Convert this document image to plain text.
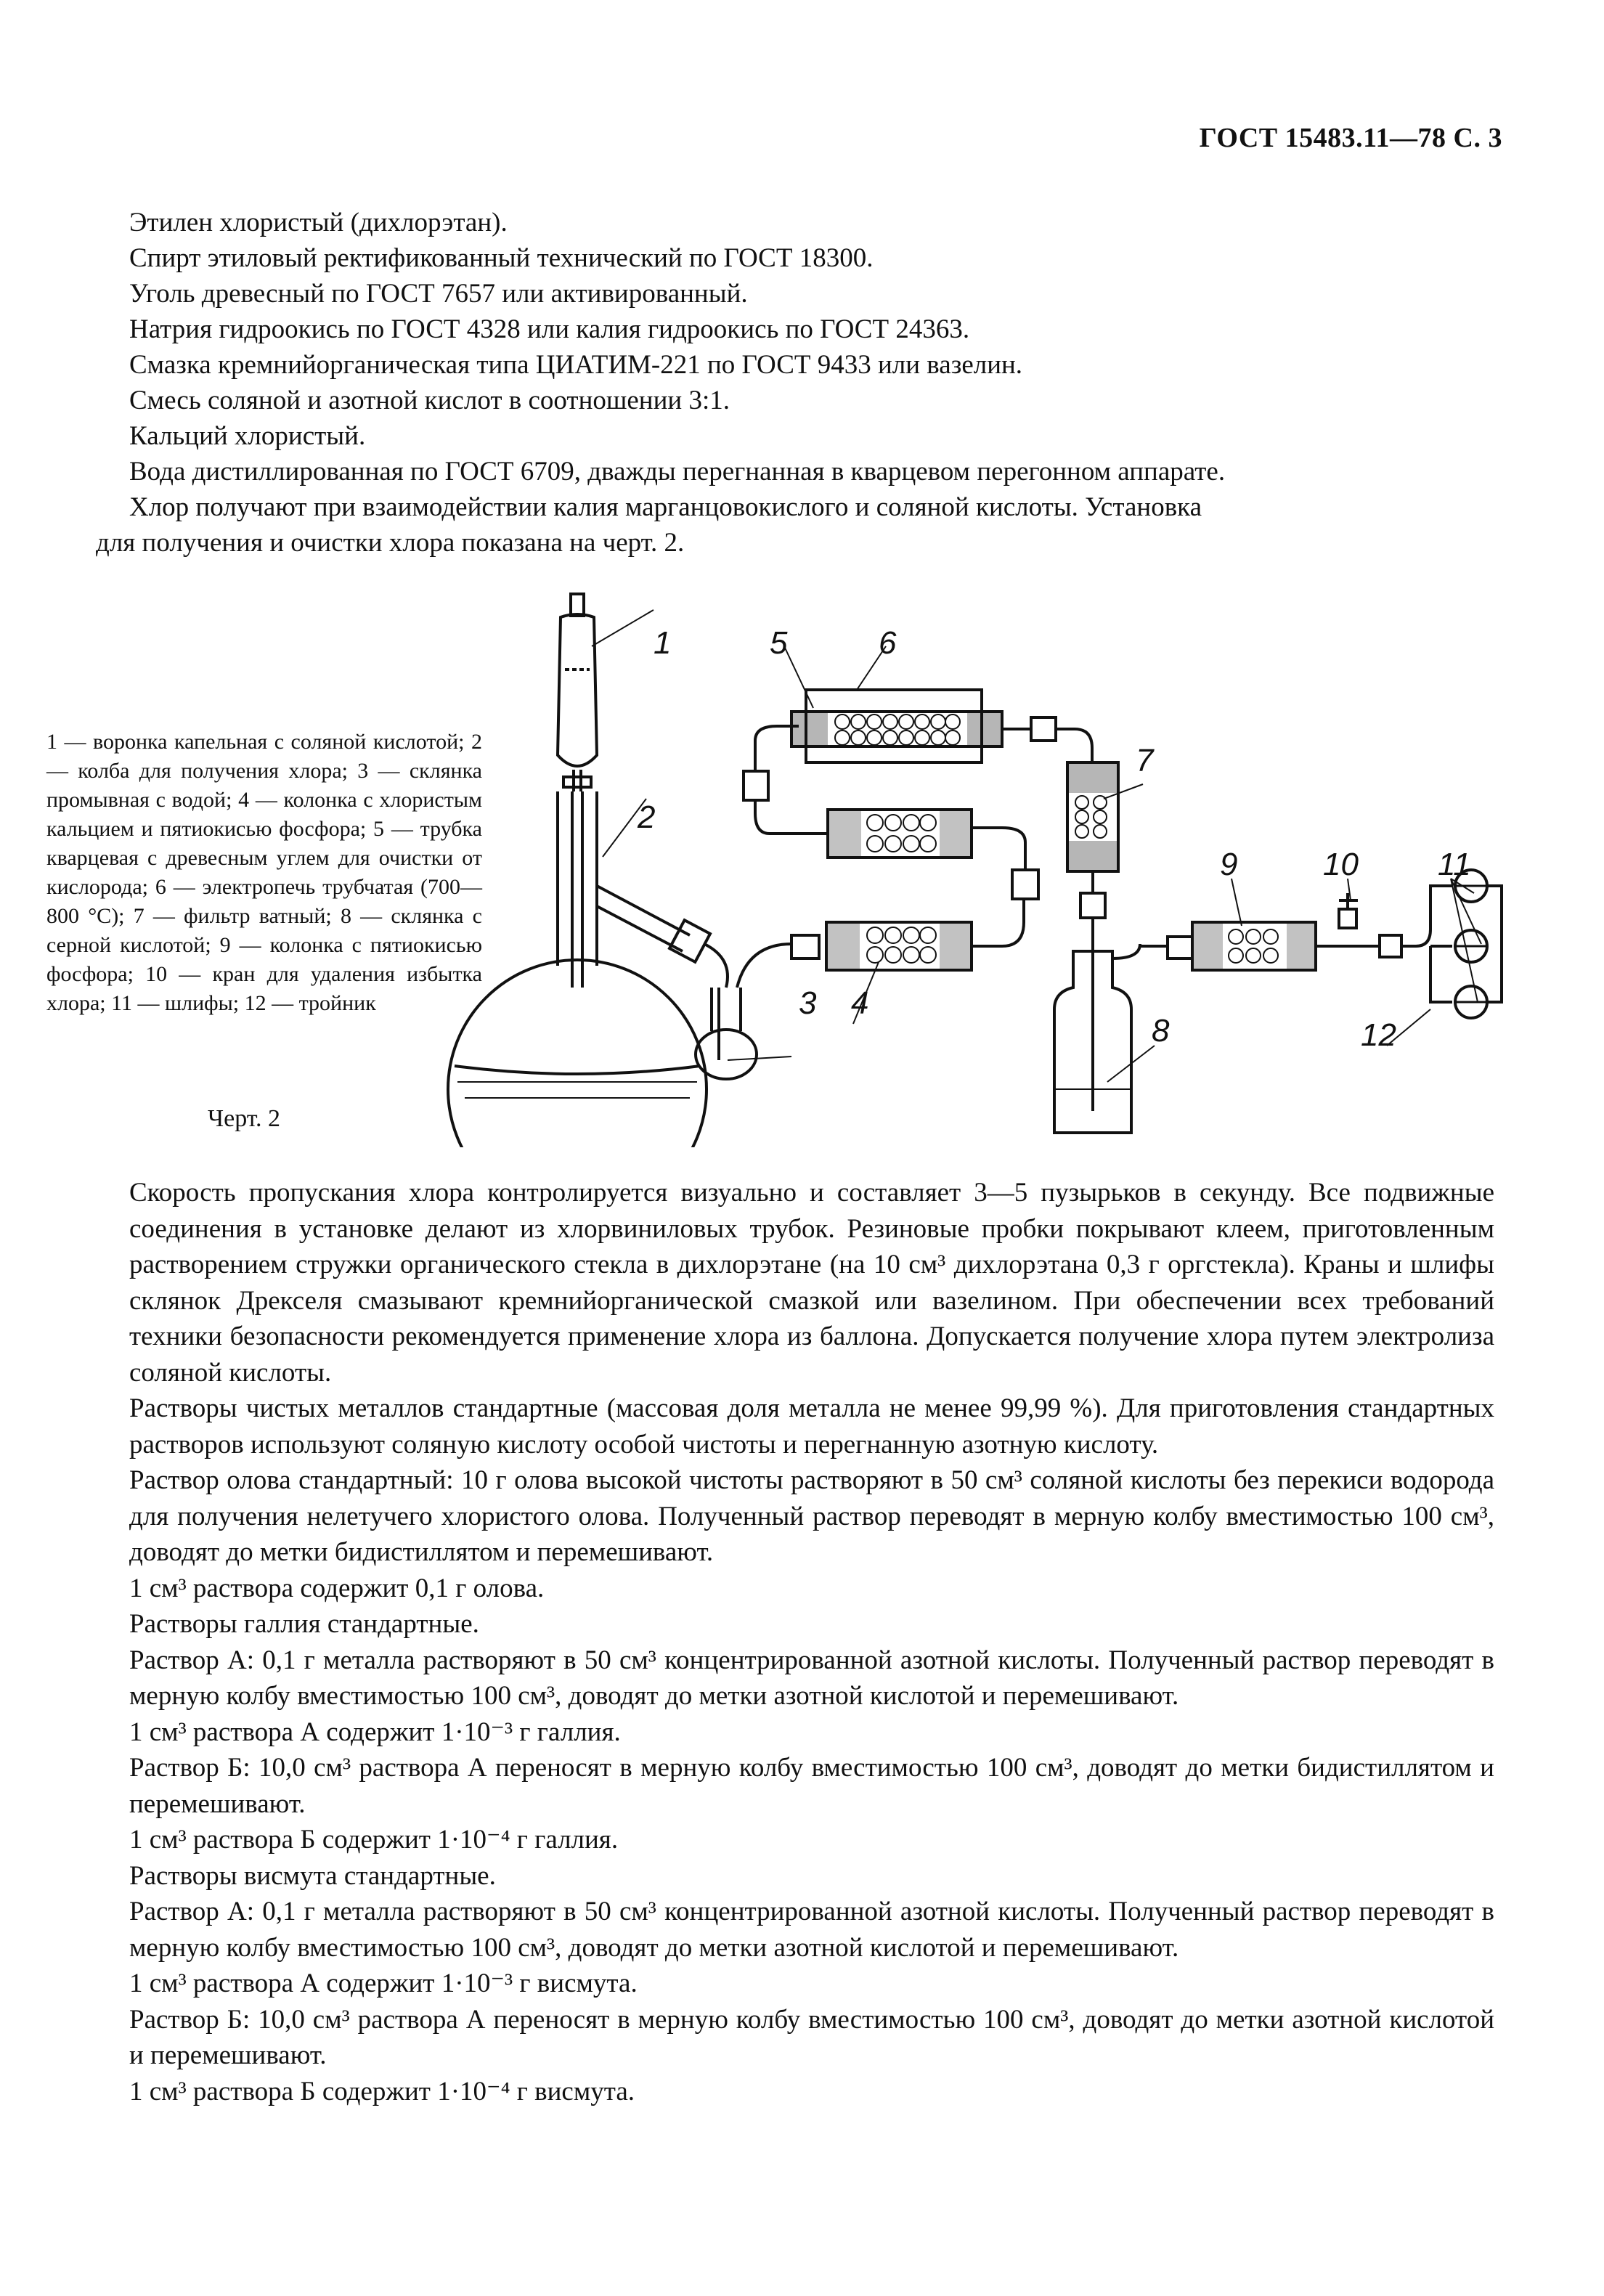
ГОСТ 15483.11—78 С. 3
Этилен хлористый (дихлорэтан).
Спирт этиловый ректификованный технический по ГОСТ 18300.
Уголь древесный по ГОСТ 7657 или активированный.
Натрия гидроокись по ГОСТ 4328 или калия гидроокись по ГОСТ 24363.
Смазка кремнийорганическая типа ЦИАТИМ-221 по ГОСТ 9433 или вазелин.
Смесь соляной и азотной кислот в соотношении 3:1.
Кальций хлористый.
Вода дистиллированная по ГОСТ 6709, дважды перегнанная в кварцевом перегонном аппарате.
Хлор получают при взаимодействии калия марганцовокислого и соляной кислоты. Установка
для получения и очистки хлора показана на черт. 2.
1 — воронка капельная с соляной кислотой; 2 — колба для получения хлора; 3 — склянка промывная с водой; 4 — колонка с хлористым кальцием и пятиокисью фосфора; 5 — трубка кварцевая с древесным углем для очистки от кислорода; 6 — электропечь трубчатая (700—800 °С); 7 — фильтр ватный; 8 — склянка с серной кислотой; 9 — колонка с пятиокисью фосфора; 10 — кран для удаления избытка хлора; 11 — шлифы; 12 — тройник
Черт. 2
1
2
3 4
5	6
7
8
9	10 11
12

Скорость пропускания хлора контролируется визуально и составляет 3—5 пузырьков в секунду. Все подвижные соединения в установке делают из хлорвиниловых трубок. Резиновые пробки покрывают клеем, приготовленным растворением стружки органического стекла в дихлорэтане (на 10 см³ дихлорэтана 0,3 г оргстекла). Краны и шлифы склянок Дрекселя смазывают кремнийорганической смазкой или вазелином. При обеспечении всех требований техники безопасности рекомендуется применение хлора из баллона. Допускается получение хлора путем электролиза соляной кислоты.

Растворы чистых металлов стандартные (массовая доля металла не менее 99,99 %). Для приготовления стандартных растворов используют соляную кислоту особой чистоты и перегнанную азотную кислоту.

Раствор олова стандартный: 10 г олова высокой чистоты растворяют в 50 см³ соляной кислоты без перекиси водорода для получения нелетучего хлористого олова. Полученный раствор переводят в мерную колбу вместимостью 100 см³, доводят до метки бидистиллятом и перемешивают.

1 см³ раствора содержит 0,1 г олова.

Растворы галлия стандартные.

Раствор А: 0,1 г металла растворяют в 50 см³ концентрированной азотной кислоты. Полученный раствор переводят в мерную колбу вместимостью 100 см³, доводят до метки азотной кислотой и перемешивают.

1 см³ раствора А содержит 1·10⁻³ г галлия.

Раствор Б: 10,0 см³ раствора А переносят в мерную колбу вместимостью 100 см³, доводят до метки бидистиллятом и перемешивают.

1 см³ раствора Б содержит 1·10⁻⁴ г галлия.

Растворы висмута стандартные.

Раствор А: 0,1 г металла растворяют в 50 см³ концентрированной азотной кислоты. Полученный раствор переводят в мерную колбу вместимостью 100 см³, доводят до метки азотной кислотой и перемешивают.

1 см³ раствора А содержит 1·10⁻³ г висмута.

Раствор Б: 10,0 см³ раствора А переносят в мерную колбу вместимостью 100 см³, доводят до метки азотной кислотой и перемешивают.

1 см³ раствора Б содержит 1·10⁻⁴ г висмута.
